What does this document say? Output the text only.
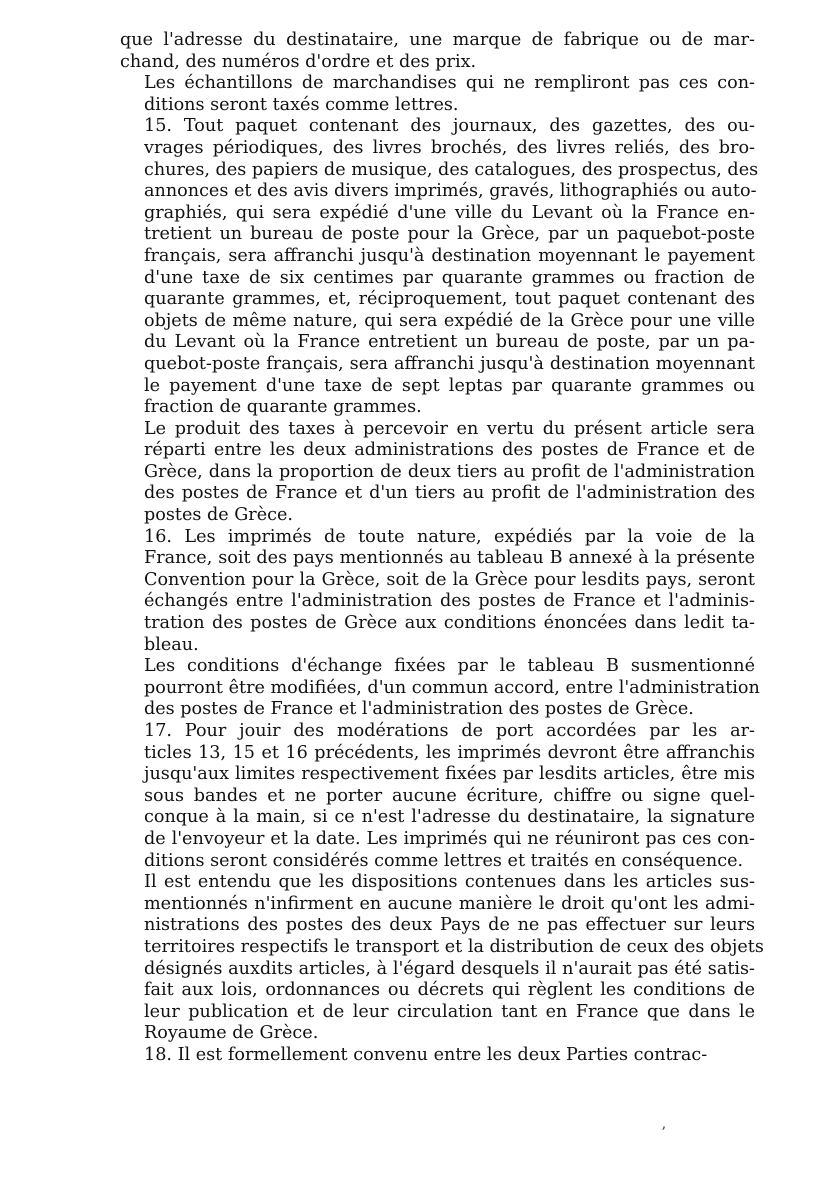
que l'adresse du destinataire, une marque de fabrique ou de mar-
chand, des numéros d'ordre et des prix.

Les échantillons de marchandises qui ne rempliront pas ces con-
ditions seront taxés comme lettres.

15. Tout paquet contenant des journaux, des gazettes, des ou-
vrages périodiques, des livres brochés, des livres reliés, des bro-
chures, des papiers de musique, des catalogues, des prospectus, des
annonces et des avis divers imprimés, gravés, lithographiés ou auto-
graphiés, qui sera expédié d'une ville du Levant où la France en-
tretient un bureau de poste pour la Grèce, par un paquebot-poste
français, sera affranchi jusqu'à destination moyennant le payement
d'une taxe de six centimes par quarante grammes ou fraction de
quarante grammes, et, réciproquement, tout paquet contenant des
objets de même nature, qui sera expédié de la Grèce pour une ville
du Levant où la France entretient un bureau de poste, par un pa-
quebot-poste français, sera affranchi jusqu'à destination moyennant
le payement d'une taxe de sept leptas par quarante grammes ou
fraction de quarante grammes.

Le produit des taxes à percevoir en vertu du présent article sera
réparti entre les deux administrations des postes de France et de
Grèce, dans la proportion de deux tiers au profit de l'administration
des postes de France et d'un tiers au profit de l'administration des
postes de Grèce.

16. Les imprimés de toute nature, expédiés par la voie de la
France, soit des pays mentionnés au tableau B annexé à la présente
Convention pour la Grèce, soit de la Grèce pour lesdits pays, seront
échangés entre l'administration des postes de France et l'adminis-
tration des postes de Grèce aux conditions énoncées dans ledit ta-
bleau.

Les conditions d'échange fixées par le tableau B susmentionné
pourront être modifiées, d'un commun accord, entre l'administration
des postes de France et l'administration des postes de Grèce.

17. Pour jouir des modérations de port accordées par les ar-
ticles 13, 15 et 16 précédents, les imprimés devront être affranchis
jusqu'aux limites respectivement fixées par lesdits articles, être mis
sous bandes et ne porter aucune écriture, chiffre ou signe quel-
conque à la main, si ce n'est l'adresse du destinataire, la signature
de l'envoyeur et la date. Les imprimés qui ne réuniront pas ces con-
ditions seront considérés comme lettres et traités en conséquence.

Il est entendu que les dispositions contenues dans les articles sus-
mentionnés n'infirment en aucune manière le droit qu'ont les admi-
nistrations des postes des deux Pays de ne pas effectuer sur leurs
territoires respectifs le transport et la distribution de ceux des objets
désignés auxdits articles, à l'égard desquels il n'aurait pas été satis-
fait aux lois, ordonnances ou décrets qui règlent les conditions de
leur publication et de leur circulation tant en France que dans le
Royaume de Grèce.

18. Il est formellement convenu entre les deux Parties contrac-

ʼ
